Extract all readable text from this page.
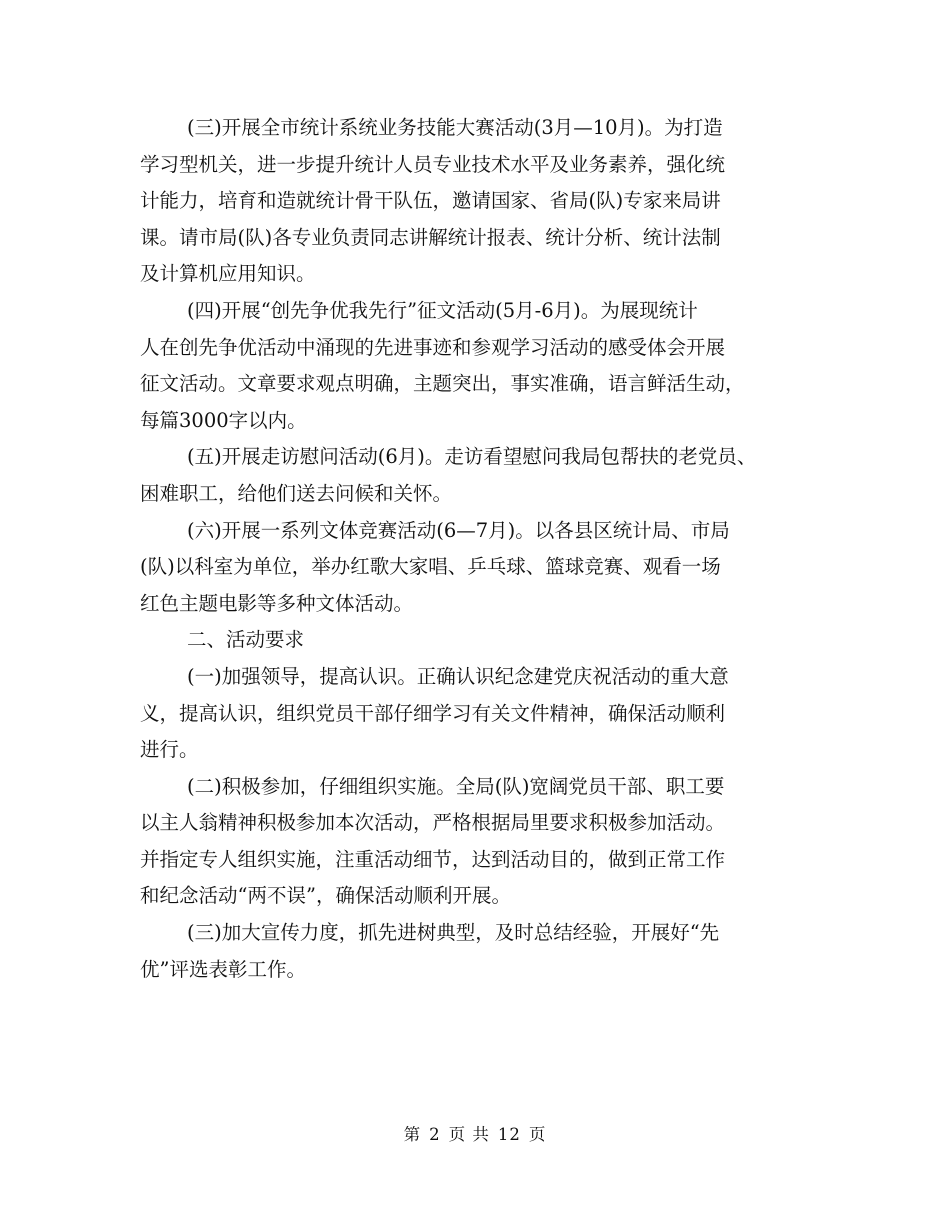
(三)开展全市统计系统业务技能大赛活动(3月—10月)。为打造
学习型机关，进一步提升统计人员专业技术水平及业务素养，强化统
计能力，培育和造就统计骨干队伍，邀请国家、省局(队)专家来局讲
课。请市局(队)各专业负责同志讲解统计报表、统计分析、统计法制
及计算机应用知识。
(四)开展“创先争优我先行”征文活动(5月-6月)。为展现统计
人在创先争优活动中涌现的先进事迹和参观学习活动的感受体会开展
征文活动。文章要求观点明确，主题突出，事实准确，语言鲜活生动，
每篇3000字以内。
(五)开展走访慰问活动(6月)。走访看望慰问我局包帮扶的老党员、
困难职工，给他们送去问候和关怀。
(六)开展一系列文体竞赛活动(6—7月)。以各县区统计局、市局
(队)以科室为单位，举办红歌大家唱、乒乓球、篮球竞赛、观看一场
红色主题电影等多种文体活动。
二、活动要求
(一)加强领导，提高认识。正确认识纪念建党庆祝活动的重大意
义，提高认识，组织党员干部仔细学习有关文件精神，确保活动顺利
进行。
(二)积极参加，仔细组织实施。全局(队)宽阔党员干部、职工要
以主人翁精神积极参加本次活动，严格根据局里要求积极参加活动。
并指定专人组织实施，注重活动细节，达到活动目的，做到正常工作
和纪念活动“两不误”，确保活动顺利开展。
(三)加大宣传力度，抓先进树典型，及时总结经验，开展好“先
优”评选表彰工作。
第 2 页 共 12 页
